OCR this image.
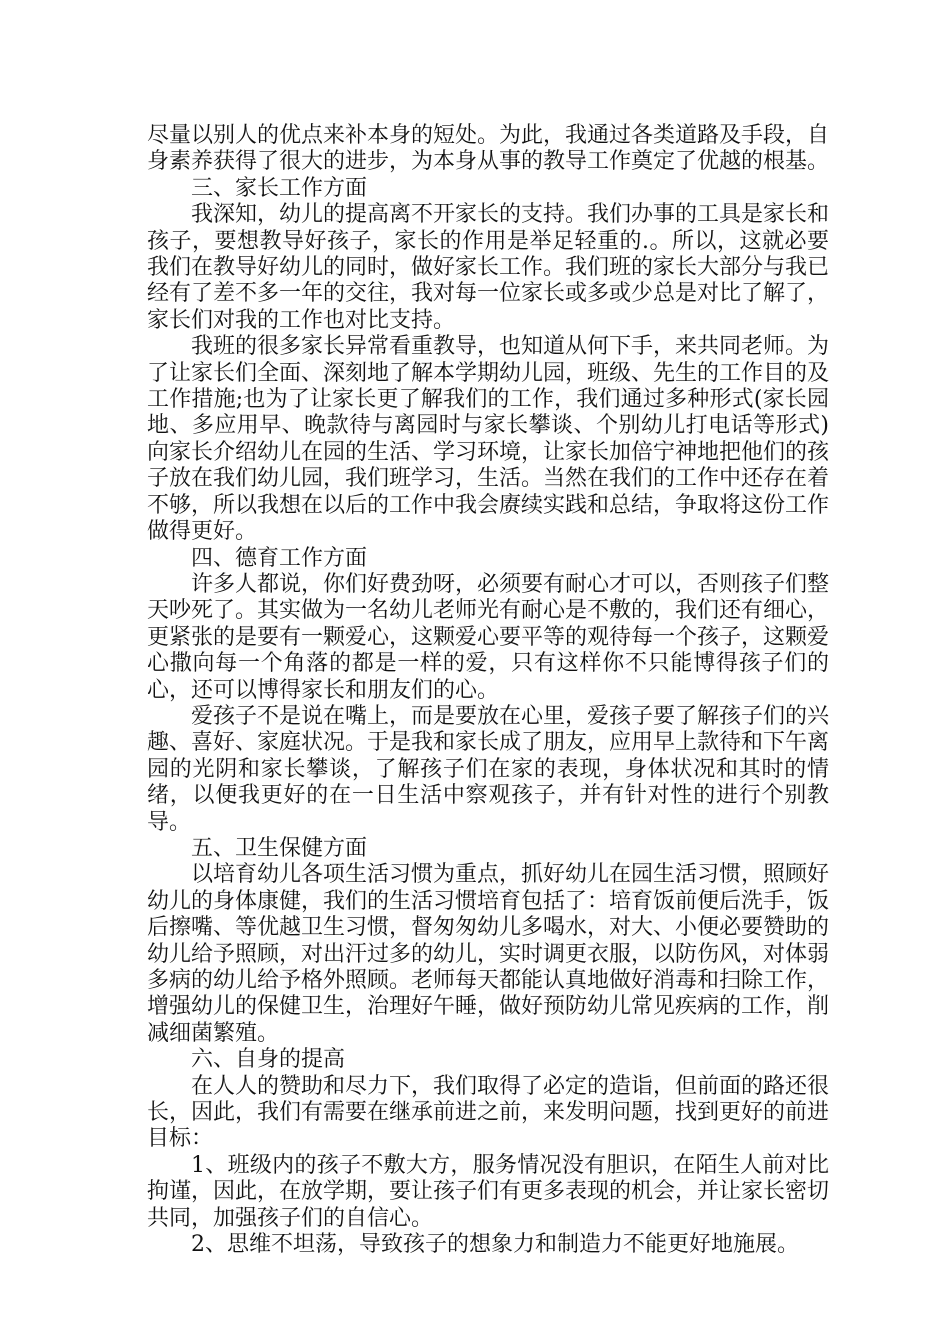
尽量以别人的优点来补本身的短处。为此，我通过各类道路及手段，自身素养获得了很大的进步，为本身从事的教导工作奠定了优越的根基。

三、家长工作方面

我深知，幼儿的提高离不开家长的支持。我们办事的工具是家长和孩子，要想教导好孩子，家长的作用是举足轻重的.。所以，这就必要我们在教导好幼儿的同时，做好家长工作。我们班的家长大部分与我已经有了差不多一年的交往，我对每一位家长或多或少总是对比了解了，家长们对我的工作也对比支持。

我班的很多家长异常看重教导，也知道从何下手，来共同老师。为了让家长们全面、深刻地了解本学期幼儿园，班级、先生的工作目的及工作措施;也为了让家长更了解我们的工作，我们通过多种形式(家长园地、多应用早、晚款待与离园时与家长攀谈、个别幼儿打电话等形式)向家长介绍幼儿在园的生活、学习环境，让家长加倍宁神地把他们的孩子放在我们幼儿园，我们班学习，生活。当然在我们的工作中还存在着不够，所以我想在以后的工作中我会赓续实践和总结，争取将这份工作做得更好。

四、德育工作方面

许多人都说，你们好费劲呀，必须要有耐心才可以，否则孩子们整天吵死了。其实做为一名幼儿老师光有耐心是不敷的，我们还有细心，更紧张的是要有一颗爱心，这颗爱心要平等的观待每一个孩子，这颗爱心撒向每一个角落的都是一样的爱，只有这样你不只能博得孩子们的心，还可以博得家长和朋友们的心。

爱孩子不是说在嘴上，而是要放在心里，爱孩子要了解孩子们的兴趣、喜好、家庭状况。于是我和家长成了朋友，应用早上款待和下午离园的光阴和家长攀谈，了解孩子们在家的表现，身体状况和其时的情绪，以便我更好的在一日生活中察观孩子，并有针对性的进行个别教导。

五、卫生保健方面

以培育幼儿各项生活习惯为重点，抓好幼儿在园生活习惯，照顾好幼儿的身体康健，我们的生活习惯培育包括了：培育饭前便后洗手，饭后擦嘴、等优越卫生习惯，督匆匆幼儿多喝水，对大、小便必要赞助的幼儿给予照顾，对出汗过多的幼儿，实时调更衣服，以防伤风，对体弱多病的幼儿给予格外照顾。老师每天都能认真地做好消毒和扫除工作，增强幼儿的保健卫生，治理好午睡，做好预防幼儿常见疾病的工作，削减细菌繁殖。

六、自身的提高

在人人的赞助和尽力下，我们取得了必定的造诣，但前面的路还很长，因此，我们有需要在继承前进之前，来发明问题，找到更好的前进目标：

1、班级内的孩子不敷大方，服务情况没有胆识，在陌生人前对比拘谨，因此，在放学期，要让孩子们有更多表现的机会，并让家长密切共同，加强孩子们的自信心。

2、思维不坦荡，导致孩子的想象力和制造力不能更好地施展。
